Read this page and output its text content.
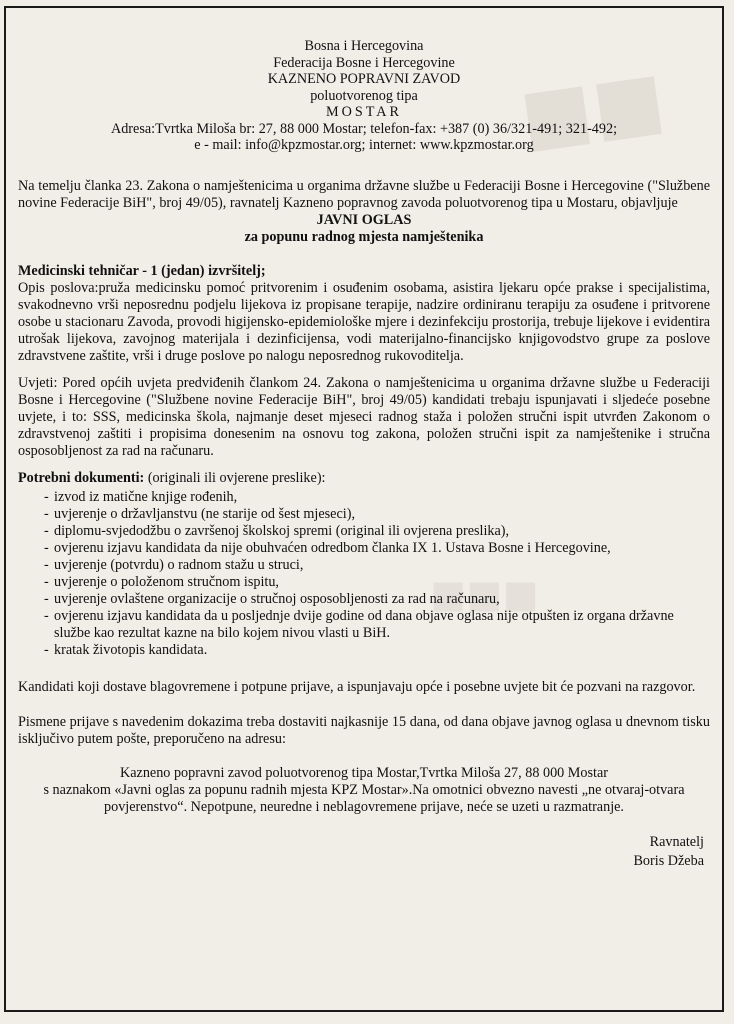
■■
■■■
Bosna i Hercegovina
Federacija Bosne i Hercegovine
KAZNENO POPRAVNI ZAVOD
poluotvorenog tipa
MOSTAR
Adresa:Tvrtka Miloša br: 27, 88 000 Mostar; telefon-fax: +387 (0) 36/321-491; 321-492;
e - mail: info@kpzmostar.org; internet: www.kpzmostar.org

Na temelju članka 23. Zakona o namještenicima u organima državne službe u Federaciji Bosne i Hercegovine ("Službene novine Federacije BiH", broj 49/05), ravnatelj Kazneno popravnog zavoda poluotvorenog tipa u Mostaru, objavljuje

JAVNI OGLAS
za popunu radnog mjesta namještenika
Medicinski tehničar - 1 (jedan) izvršitelj;

Opis poslova:pruža medicinsku pomoć pritvorenim i osuđenim osobama, asistira ljekaru opće prakse i specijalistima, svakodnevno vrši neposrednu podjelu lijekova iz propisane terapije, nadzire ordiniranu terapiju za osuđene i pritvorene osobe u stacionaru Zavoda, provodi higijensko-epidemiološke mjere i dezinfekciju prostorija, trebuje lijekove i evidentira utrošak lijekova, zavojnog materijala i dezinficijensa, vodi materijalno-financijsko knjigovodstvo grupe za poslove zdravstvene zaštite, vrši i druge poslove po nalogu neposrednog rukovoditelja.

Uvjeti: Pored općih uvjeta predviđenih člankom 24. Zakona o namještenicima u organima državne službe u Federaciji Bosne i Hercegovine ("Službene novine Federacije BiH", broj 49/05) kandidati trebaju ispunjavati i sljedeće posebne uvjete, i to: SSS, medicinska škola, najmanje deset mjeseci radnog staža i položen stručni ispit utvrđen Zakonom o zdravstvenoj zaštiti i propisima donesenim na osnovu tog zakona, položen stručni ispit za namještenike i stručna osposobljenost za rad na računaru.

Potrebni dokumenti: (originali ili ovjerene preslike):
- izvod iz matične knjige rođenih,
- uvjerenje o državljanstvu (ne starije od šest mjeseci),
- diplomu-svjedodžbu o završenoj školskoj spremi (original ili ovjerena preslika),
- ovjerenu izjavu kandidata da nije obuhvaćen odredbom članka IX 1. Ustava Bosne i Hercegovine,
- uvjerenje (potvrdu) o radnom stažu u struci,
- uvjerenje o položenom stručnom ispitu,
- uvjerenje ovlaštene organizacije o stručnoj osposobljenosti za rad na računaru,
- ovjerenu izjavu kandidata da u posljednje dvije godine od dana objave oglasa nije otpušten iz organa državne službe kao rezultat kazne na bilo kojem nivou vlasti u BiH.
- kratak životopis kandidata.

Kandidati koji dostave blagovremene i potpune prijave, a ispunjavaju opće i posebne uvjete bit će pozvani na razgovor.

Pismene prijave s navedenim dokazima treba dostaviti najkasnije 15 dana, od dana objave javnog oglasa u dnevnom tisku isključivo putem pošte, preporučeno na adresu:

Kazneno popravni zavod poluotvorenog tipa Mostar,Tvrtka Miloša 27, 88 000 Mostar
s naznakom «Javni oglas za popunu radnih mjesta KPZ Mostar».Na omotnici obvezno navesti „ne otvaraj-otvara povjerenstvo“. Nepotpune, neuredne i neblagovremene prijave, neće se uzeti u razmatranje.
Ravnatelj
Boris Džeba
